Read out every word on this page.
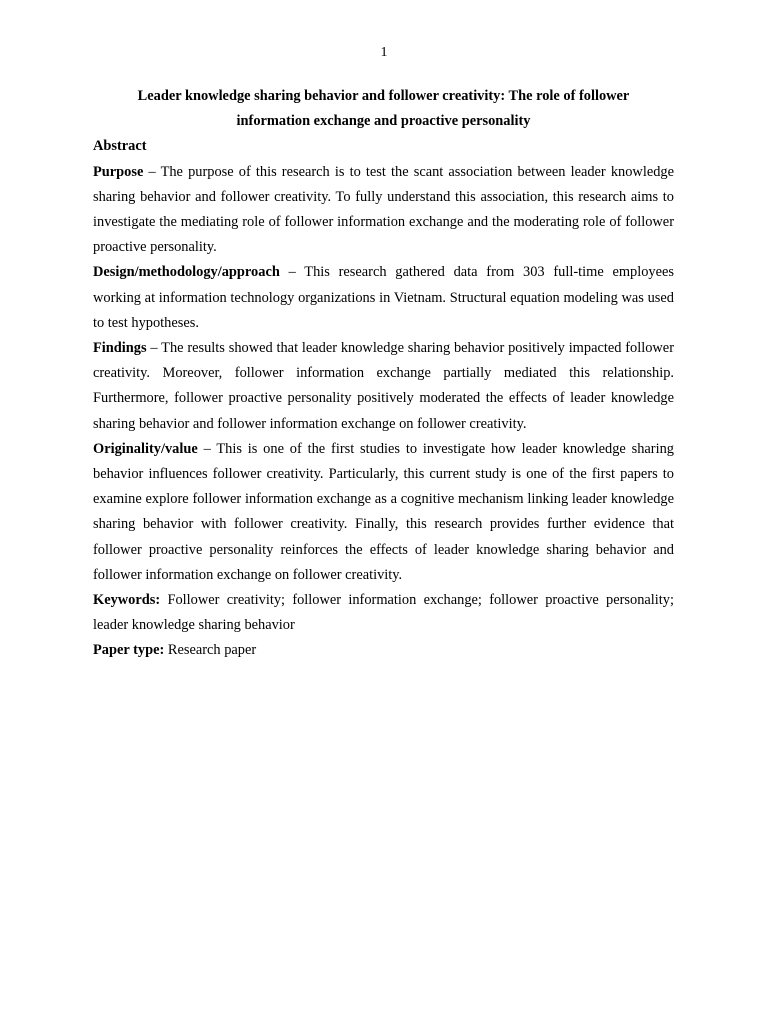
1
Leader knowledge sharing behavior and follower creativity: The role of follower
information exchange and proactive personality

Abstract

Purpose – The purpose of this research is to test the scant association between leader knowledge sharing behavior and follower creativity. To fully understand this association, this research aims to investigate the mediating role of follower information exchange and the moderating role of follower proactive personality.

Design/methodology/approach – This research gathered data from 303 full-time employees working at information technology organizations in Vietnam. Structural equation modeling was used to test hypotheses.

Findings – The results showed that leader knowledge sharing behavior positively impacted follower creativity. Moreover, follower information exchange partially mediated this relationship. Furthermore, follower proactive personality positively moderated the effects of leader knowledge sharing behavior and follower information exchange on follower creativity.

Originality/value – This is one of the first studies to investigate how leader knowledge sharing behavior influences follower creativity. Particularly, this current study is one of the first papers to examine explore follower information exchange as a cognitive mechanism linking leader knowledge sharing behavior with follower creativity. Finally, this research provides further evidence that follower proactive personality reinforces the effects of leader knowledge sharing behavior and follower information exchange on follower creativity.

Keywords: Follower creativity; follower information exchange; follower proactive personality; leader knowledge sharing behavior

Paper type: Research paper
